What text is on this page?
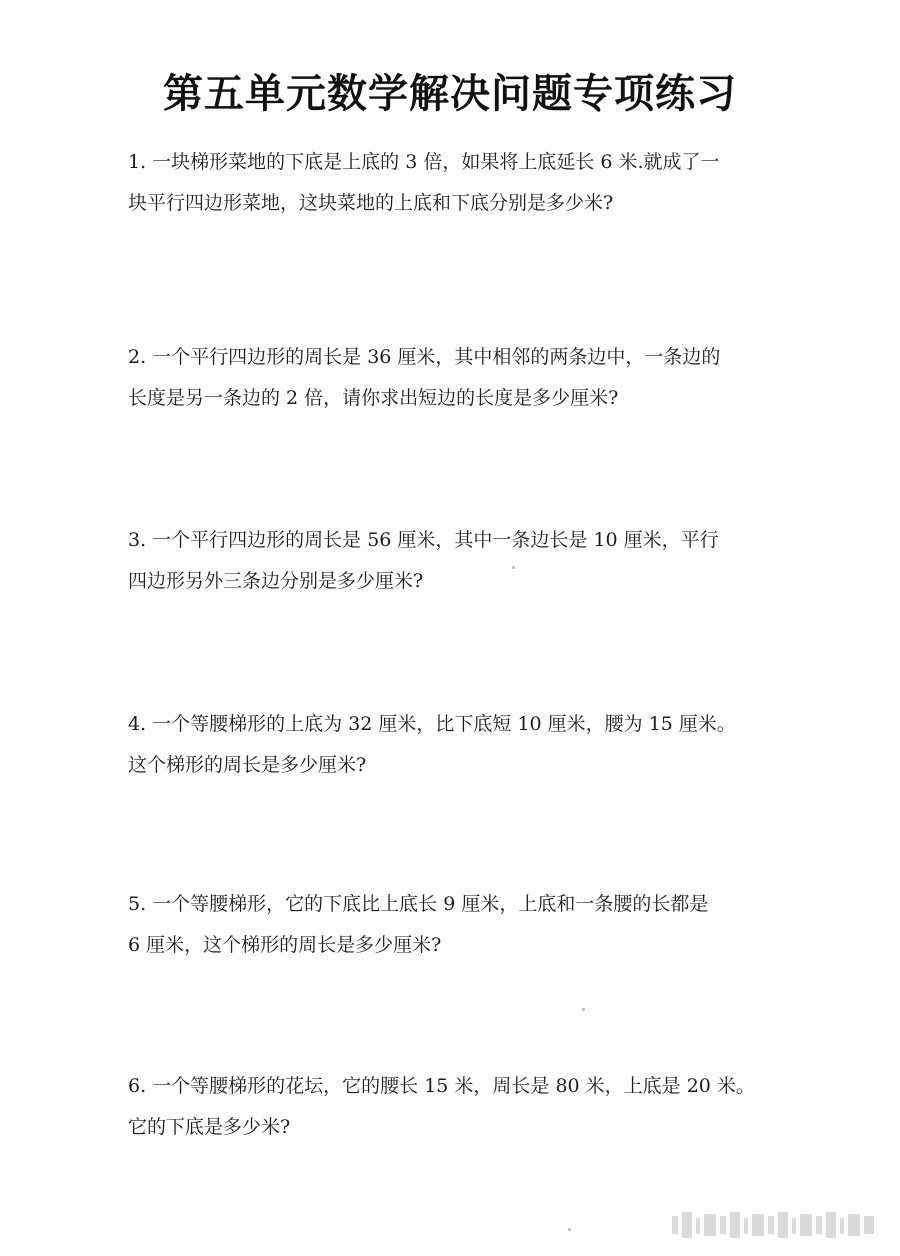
第五单元数学解决问题专项练习
1. 一块梯形菜地的下底是上底的 3 倍，如果将上底延长 6 米.就成了一
块平行四边形菜地，这块菜地的上底和下底分别是多少米?
2. 一个平行四边形的周长是 36 厘米，其中相邻的两条边中，一条边的
长度是另一条边的 2 倍，请你求出短边的长度是多少厘米?
3. 一个平行四边形的周长是 56 厘米，其中一条边长是 10 厘米，平行
四边形另外三条边分别是多少厘米?
4. 一个等腰梯形的上底为 32 厘米，比下底短 10 厘米，腰为 15 厘米。
这个梯形的周长是多少厘米?
5. 一个等腰梯形，它的下底比上底长 9 厘米，上底和一条腰的长都是
6 厘米，这个梯形的周长是多少厘米?
6. 一个等腰梯形的花坛，它的腰长 15 米，周长是 80 米，上底是 20 米。
它的下底是多少米?
